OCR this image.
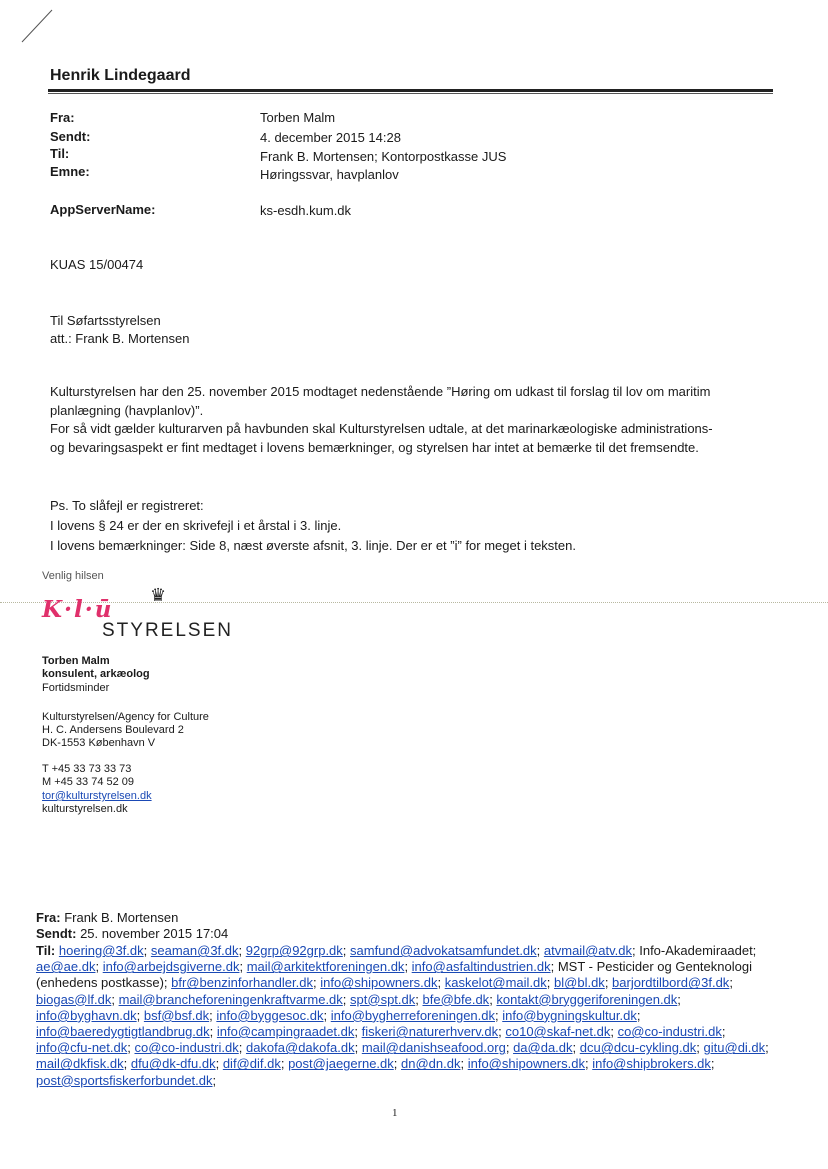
Henrik Lindegaard
Fra:	Torben Malm
Sendt:	4. december 2015 14:28
Til:	Frank B. Mortensen; Kontorpostkasse JUS
Emne:	Høringssvar, havplanlov
AppServerName:	ks-esdh.kum.dk
KUAS 15/00474
Til Søfartsstyrelsen
att.: Frank B. Mortensen
Kulturstyrelsen har den 25. november 2015 modtaget nedenstående ”Høring om udkast til forslag til lov om maritim
planlægning (havplanlov)”.
For så vidt gælder kulturarven på havbunden skal Kulturstyrelsen udtale, at det marinarkæologiske administrations-
og bevaringsaspekt er fint medtaget i lovens bemærkninger, og styrelsen har intet at bemærke til det fremsendte.
Ps. To slåfejl er registreret:
I lovens § 24 er der en skrivefejl i et årstal i 3. linje.
I lovens bemærkninger: Side 8, næst øverste afsnit, 3. linje. Der er et ”i” for meget i teksten.
Venlig hilsen
K·l·ū
♛
STYRELSEN
Torben Malm
konsulent, arkæolog
Fortidsminder
Kulturstyrelsen/Agency for Culture
H. C. Andersens Boulevard 2
DK-1553 København V
T +45 33 73 33 73
M +45 33 74 52 09
tor@kulturstyrelsen.dk
kulturstyrelsen.dk
Fra: Frank B. Mortensen
Sendt: 25. november 2015 17:04
Til: hoering@3f.dk; seaman@3f.dk; 92grp@92grp.dk; samfund@advokatsamfundet.dk; atvmail@atv.dk; Info-Akademiraadet; ae@ae.dk; info@arbejdsgiverne.dk; mail@arkitektforeningen.dk; info@asfaltindustrien.dk; MST - Pesticider og Genteknologi (enhedens postkasse); bfr@benzinforhandler.dk; info@shipowners.dk; kaskelot@mail.dk; bl@bl.dk; barjordtilbord@3f.dk; biogas@lf.dk; mail@brancheforeningenkraftvarme.dk; spt@spt.dk; bfe@bfe.dk; kontakt@bryggeriforeningen.dk; info@byghavn.dk; bsf@bsf.dk; info@byggesoc.dk; info@bygherreforeningen.dk; info@bygningskultur.dk; info@baeredygtigtlandbrug.dk; info@campingraadet.dk; fiskeri@naturerhverv.dk; co10@skaf-net.dk; co@co-industri.dk; info@cfu-net.dk; co@co-industri.dk; dakofa@dakofa.dk; mail@danishseafood.org; da@da.dk; dcu@dcu-cykling.dk; gitu@di.dk; mail@dkfisk.dk; dfu@dk-dfu.dk; dif@dif.dk; post@jaegerne.dk; dn@dn.dk; info@shipowners.dk; info@shipbrokers.dk; post@sportsfiskerforbundet.dk;
1
